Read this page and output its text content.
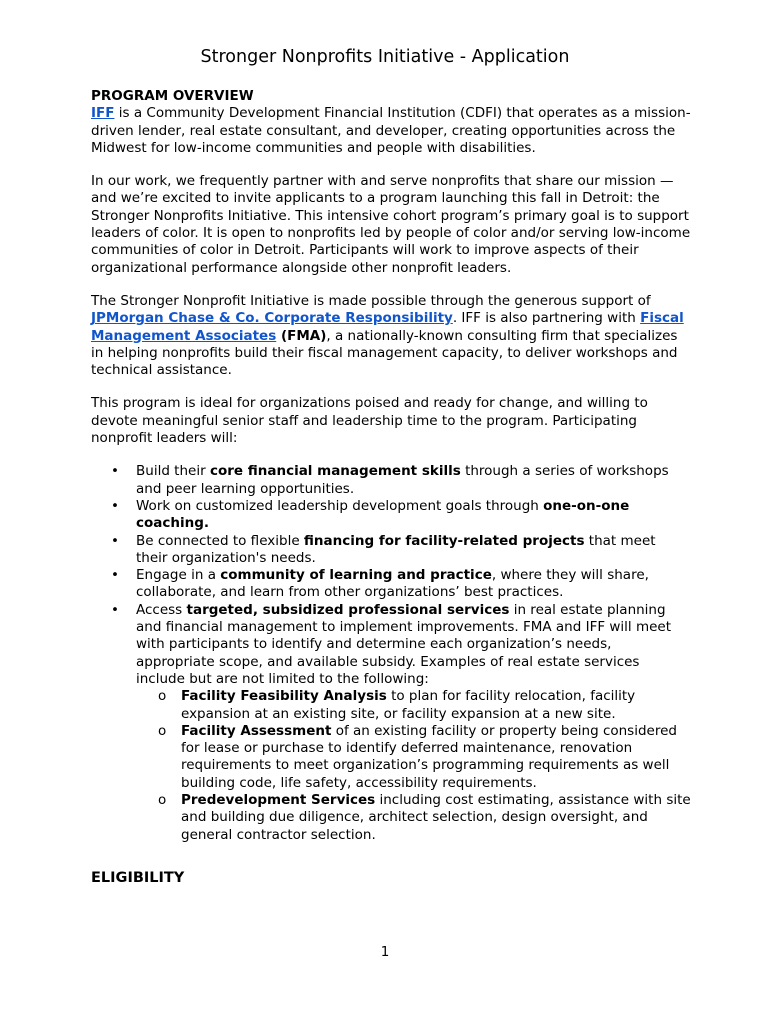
Stronger Nonprofits Initiative - Application
PROGRAM OVERVIEW

IFF is a Community Development Financial Institution (CDFI) that operates as a mission-driven lender, real estate consultant, and developer, creating opportunities across the Midwest for low-income communities and people with disabilities.

In our work, we frequently partner with and serve nonprofits that share our mission — and we’re excited to invite applicants to a program launching this fall in Detroit: the Stronger Nonprofits Initiative. This intensive cohort program’s primary goal is to support leaders of color. It is open to nonprofits led by people of color and/or serving low-income communities of color in Detroit. Participants will work to improve aspects of their organizational performance alongside other nonprofit leaders.

The Stronger Nonprofit Initiative is made possible through the generous support of JPMorgan Chase & Co. Corporate Responsibility. IFF is also partnering with Fiscal Management Associates (FMA), a nationally-known consulting firm that specializes in helping nonprofits build their fiscal management capacity, to deliver workshops and technical assistance.

This program is ideal for organizations poised and ready for change, and willing to devote meaningful senior staff and leadership time to the program. Participating nonprofit leaders will:

• Build their core financial management skills through a series of workshops and peer learning opportunities.
• Work on customized leadership development goals through one-on-one coaching.
• Be connected to flexible financing for facility-related projects that meet their organization's needs.
• Engage in a community of learning and practice, where they will share, collaborate, and learn from other organizations’ best practices.
• Access targeted, subsidized professional services in real estate planning and financial management to implement improvements. FMA and IFF will meet with participants to identify and determine each organization’s needs, appropriate scope, and available subsidy. Examples of real estate services include but are not limited to the following:
o Facility Feasibility Analysis to plan for facility relocation, facility expansion at an existing site, or facility expansion at a new site.
o Facility Assessment of an existing facility or property being considered for lease or purchase to identify deferred maintenance, renovation requirements to meet organization’s programming requirements as well building code, life safety, accessibility requirements.
o Predevelopment Services including cost estimating, assistance with site and building due diligence, architect selection, design oversight, and general contractor selection.
ELIGIBILITY
1
